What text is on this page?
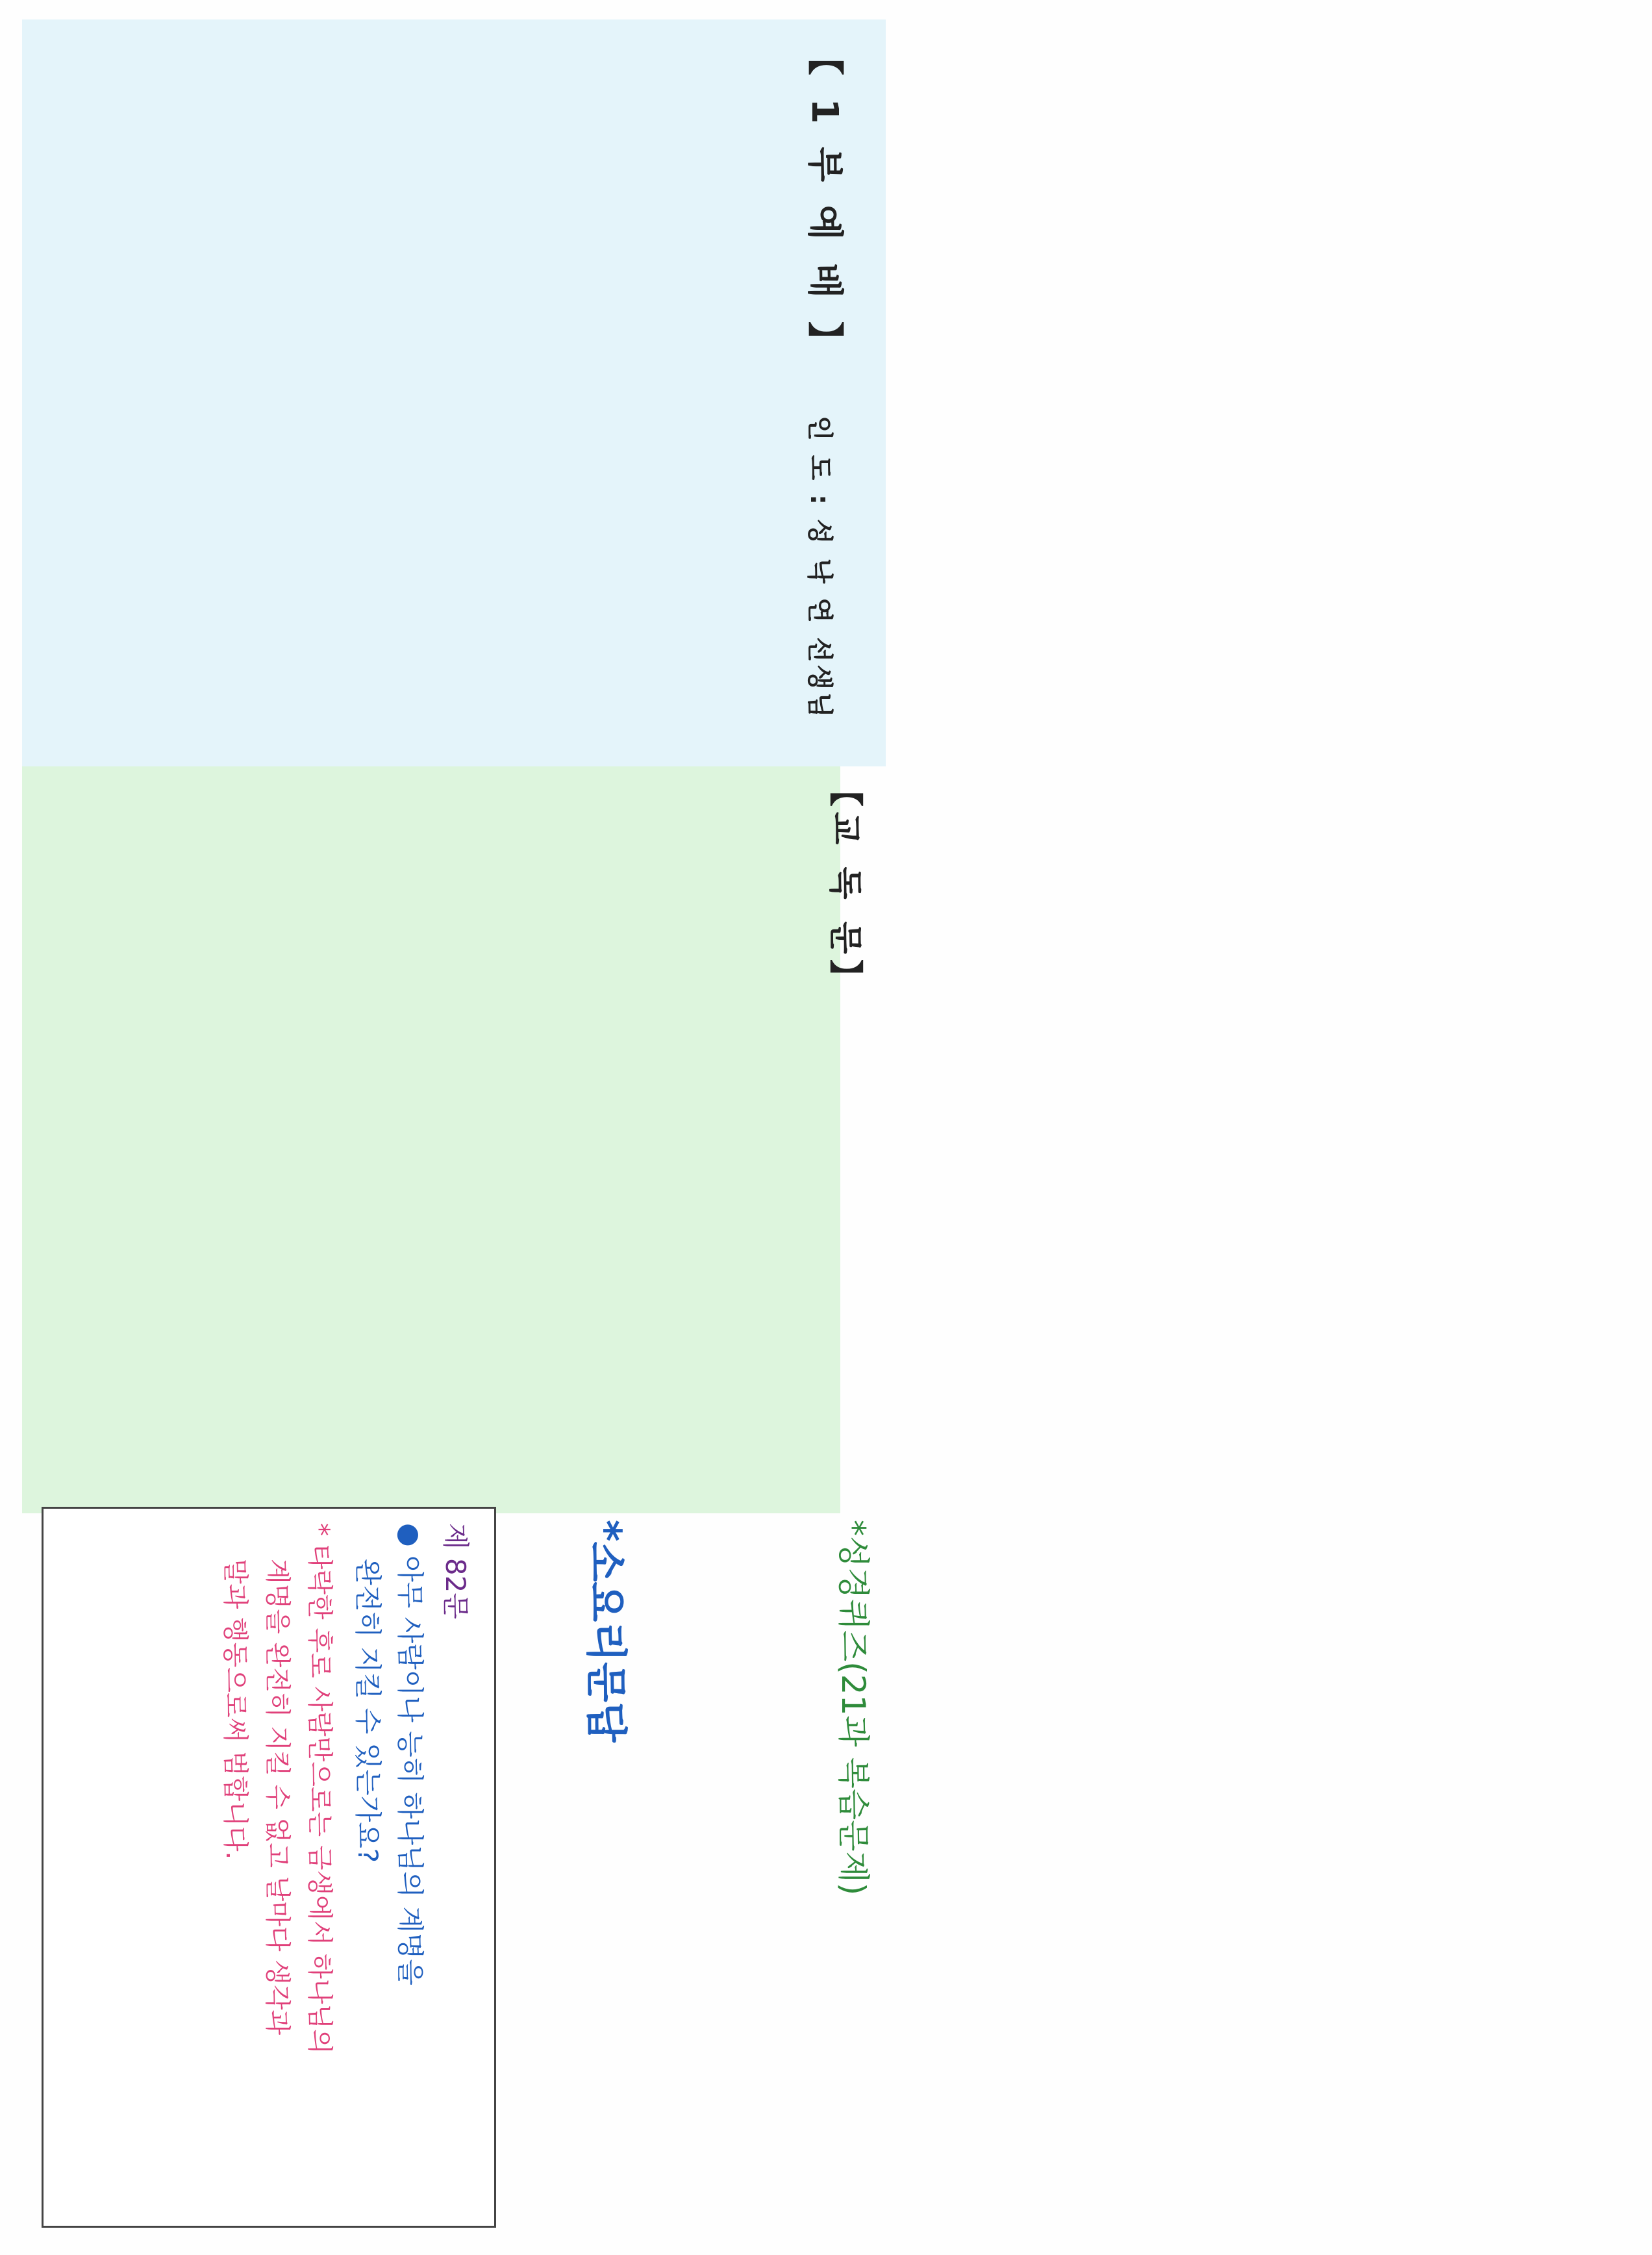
【 1 부 예 배 】
인 도 : 성 낙 연 선생님
【교 독 문】
*성경퀴즈(21과 복습문제)
*소요리문답
제 82문
● 아무 사람이나 능히 하나님의 계명을
완전히 지킬 수 있는가요?
* 타락한 후로 사람만으로는 금생에서 하나님의
계명을 완전히 지킬 수 없고 날마다 생각과
말과 행동으로써 범합니다.
